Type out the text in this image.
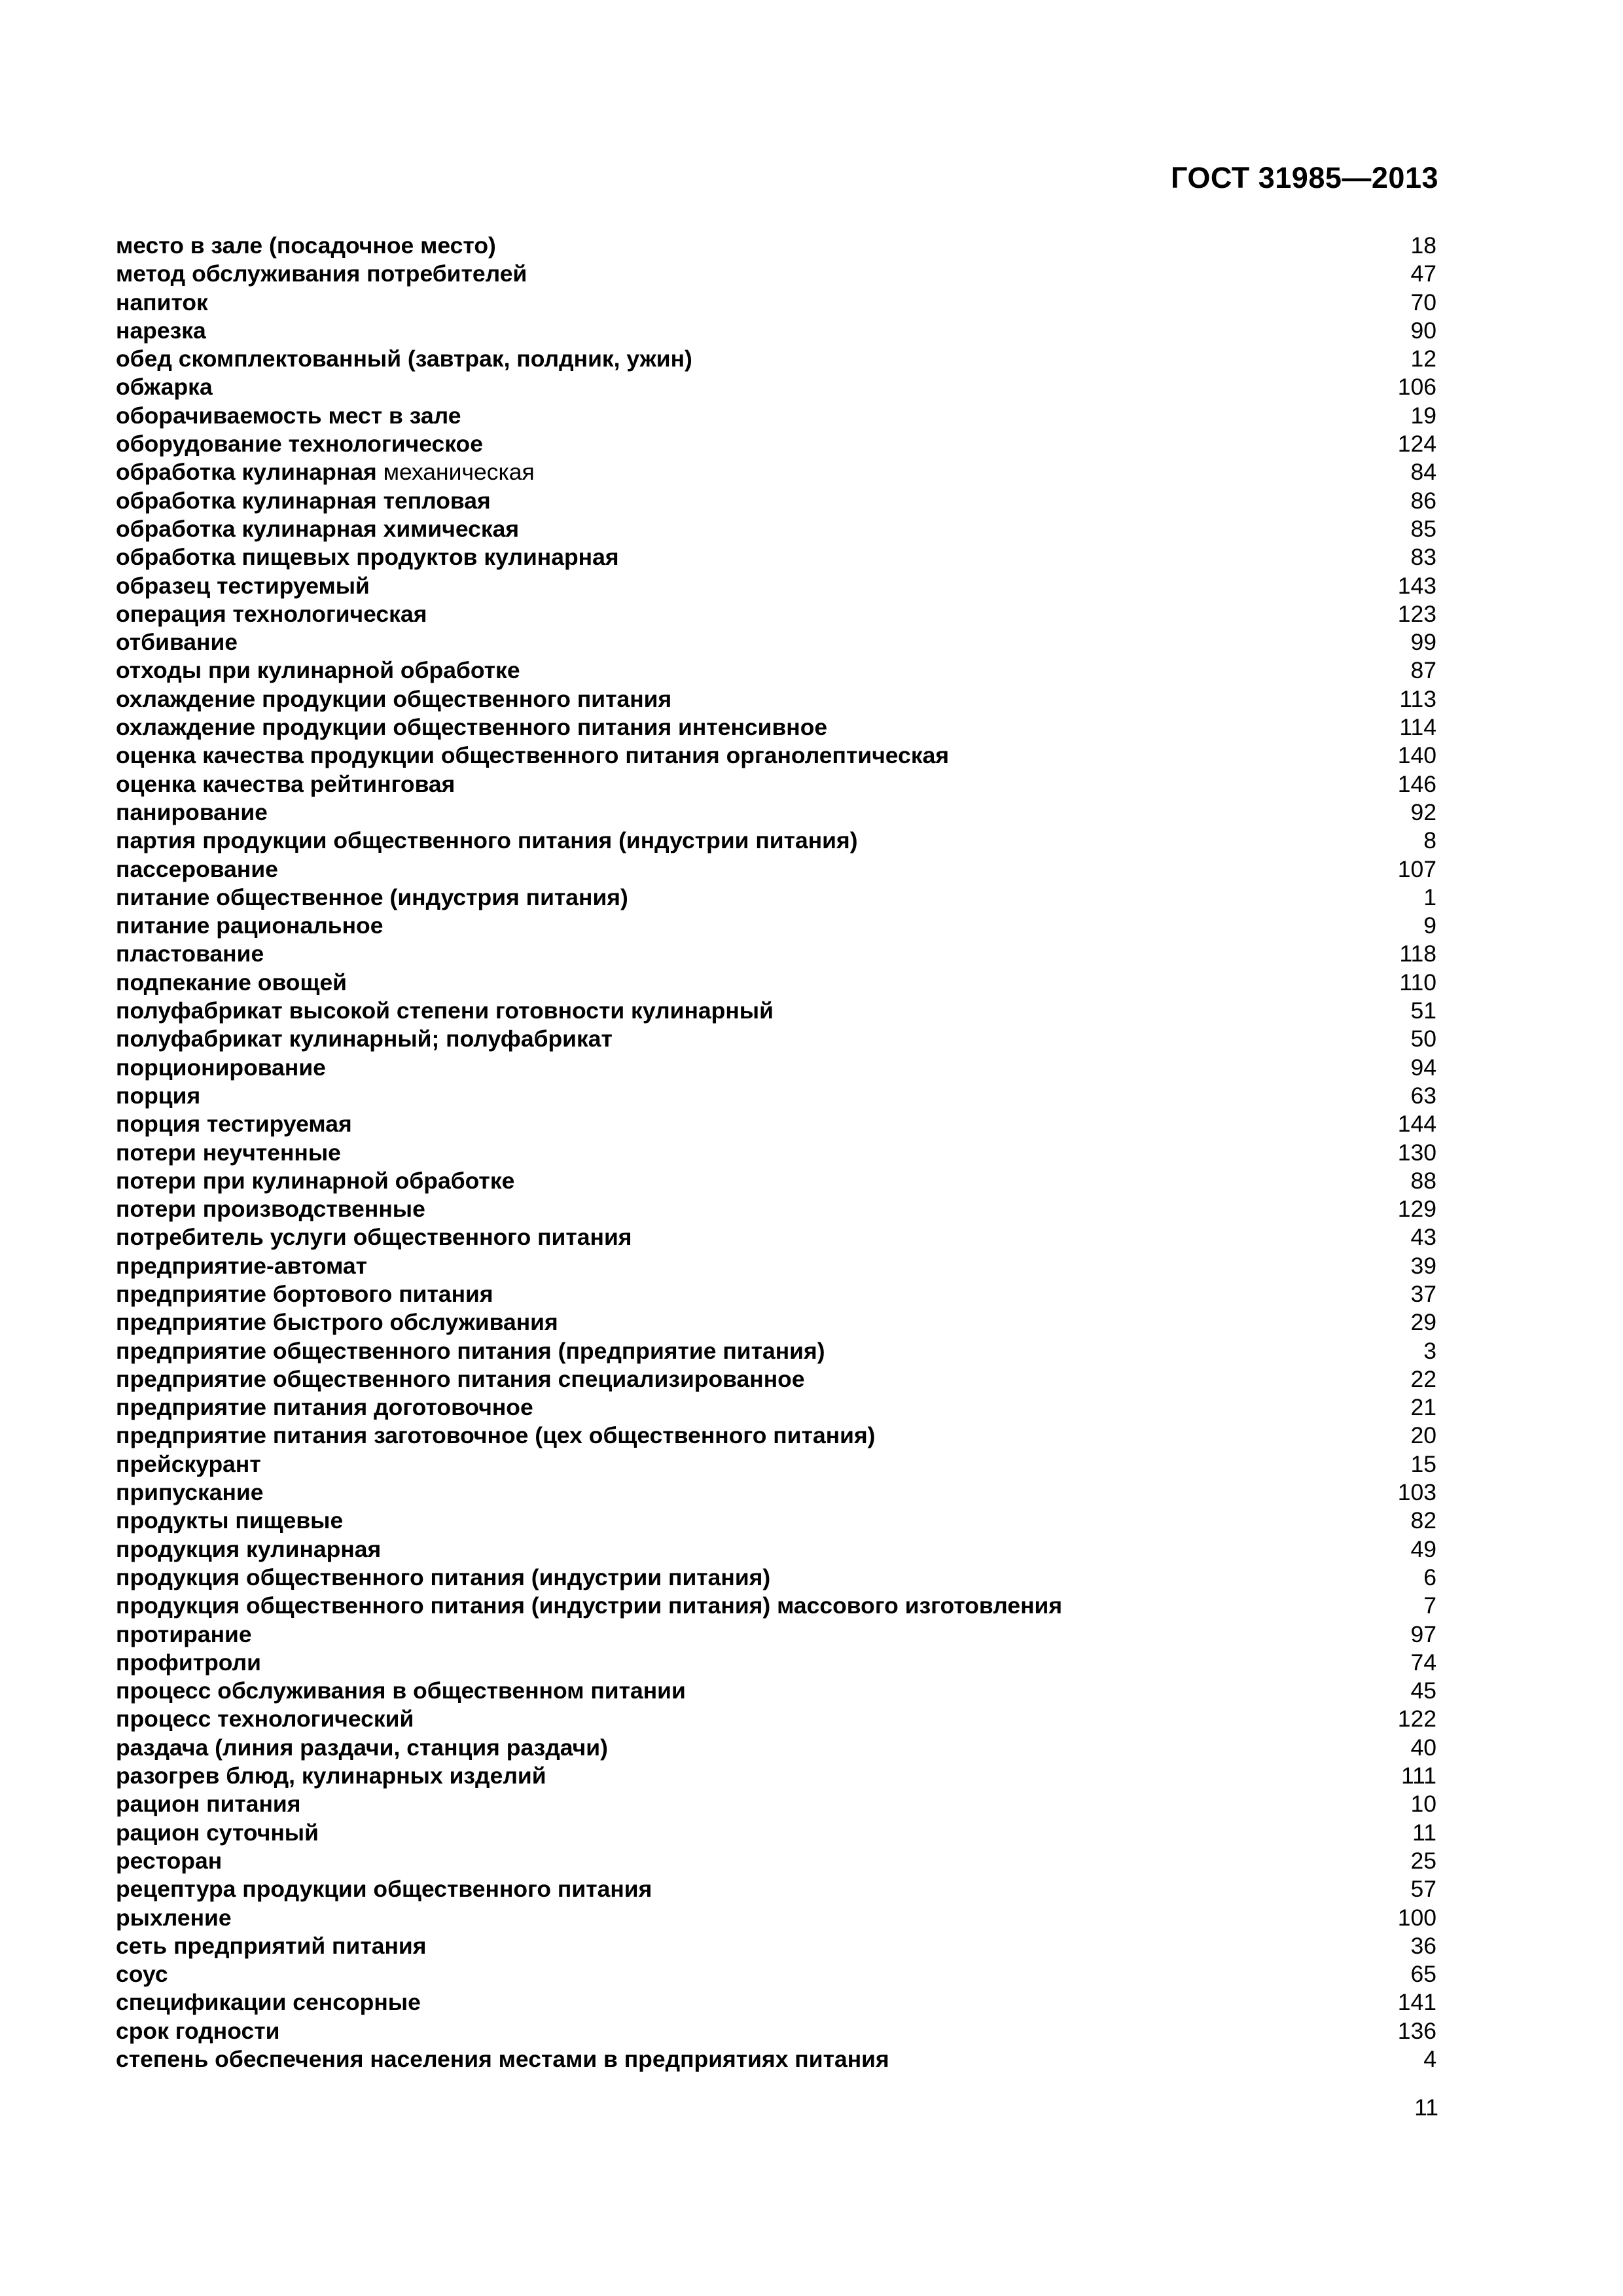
ГОСТ 31985—2013
место в зале (посадочное место)	18
метод обслуживания потребителей	47
напиток	70
нарезка	90
обед скомплектованный (завтрак, полдник, ужин)	12
обжарка	106
оборачиваемость мест в зале	19
оборудование технологическое	124
обработка кулинарная механическая	84
обработка кулинарная тепловая	86
обработка кулинарная химическая	85
обработка пищевых продуктов кулинарная	83
образец тестируемый	143
операция технологическая	123
отбивание	99
отходы при кулинарной обработке	87
охлаждение продукции общественного питания	113
охлаждение продукции общественного питания интенсивное	114
оценка качества продукции общественного питания органолептическая	140
оценка качества рейтинговая	146
панирование	92
партия продукции общественного питания (индустрии питания)	8
пассерование	107
питание общественное (индустрия питания)	1
питание рациональное	9
пластование	118
подпекание овощей	110
полуфабрикат высокой степени готовности кулинарный	51
полуфабрикат кулинарный; полуфабрикат	50
порционирование	94
порция	63
порция тестируемая	144
потери неучтенные	130
потери при кулинарной обработке	88
потери производственные	129
потребитель услуги общественного питания	43
предприятие-автомат	39
предприятие бортового питания	37
предприятие быстрого обслуживания	29
предприятие общественного питания (предприятие питания)	3
предприятие общественного питания специализированное	22
предприятие питания доготовочное	21
предприятие питания заготовочное (цех общественного питания)	20
прейскурант	15
припускание	103
продукты пищевые	82
продукция кулинарная	49
продукция общественного питания (индустрии питания)	6
продукция общественного питания (индустрии питания) массового изготовления	7
протирание	97
профитроли	74
процесс обслуживания в общественном питании	45
процесс технологический	122
раздача (линия раздачи, станция раздачи)	40
разогрев блюд, кулинарных изделий	111
рацион питания	10
рацион суточный	11
ресторан	25
рецептура продукции общественного питания	57
рыхление	100
сеть предприятий питания	36
соус	65
спецификации сенсорные	141
срок годности	136
степень обеспечения населения местами в предприятиях питания	4
11
